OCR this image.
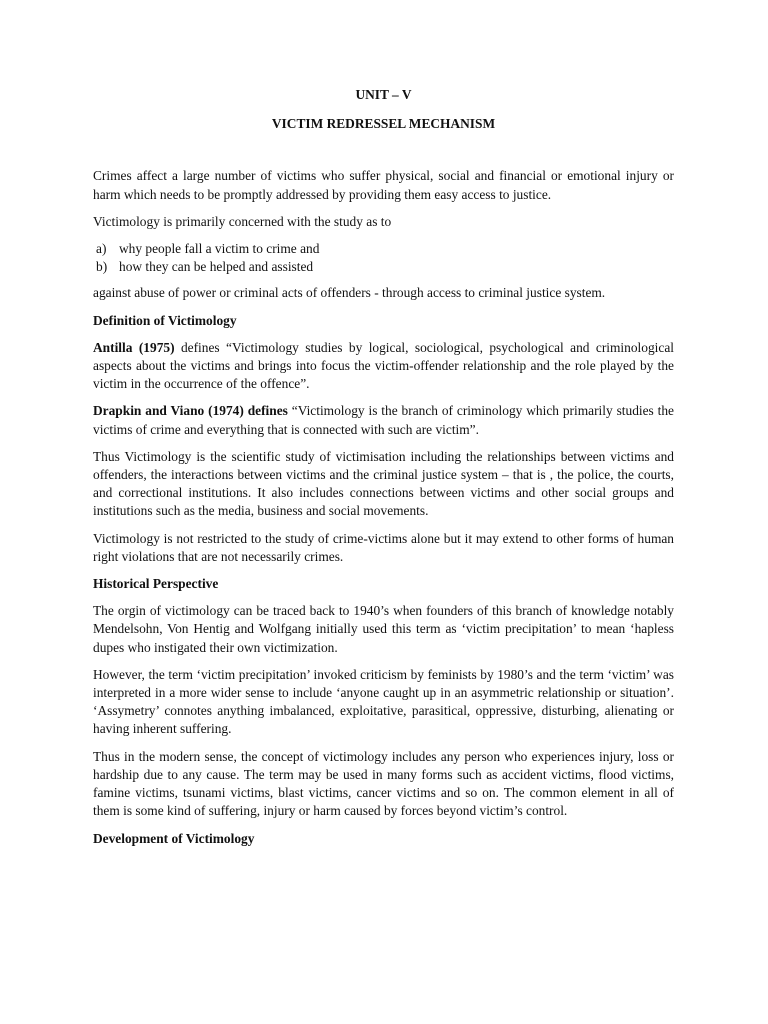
UNIT – V
VICTIM REDRESSEL MECHANISM

Crimes affect a large number of victims who suffer physical, social and financial or emotional injury or harm which needs to be promptly addressed by providing them easy access to justice.

Victimology is primarily concerned with the study as to

a) why people fall a victim to crime and
b) how they can be helped and assisted

against abuse of power or criminal acts of offenders - through access to criminal justice system.

Definition of Victimology

Antilla (1975) defines “Victimology studies by logical, sociological, psychological and criminological aspects about the victims and brings into focus the victim-offender relationship and the role played by the victim in the occurrence of the offence”.

Drapkin and Viano (1974) defines “Victimology is the branch of criminology which primarily studies the victims of crime and everything that is connected with such are victim”.

Thus Victimology is the scientific study of victimisation including the relationships between victims and offenders, the interactions between victims and the criminal justice system – that is , the police, the courts, and correctional institutions. It also includes connections between victims and other social groups and institutions such as the media, business and social movements.

Victimology is not restricted to the study of crime-victims alone but it may extend to other forms of human right violations that are not necessarily crimes.

Historical Perspective

The orgin of victimology can be traced back to 1940’s when founders of this branch of knowledge notably Mendelsohn, Von Hentig and Wolfgang initially used this term as ‘victim precipitation’ to mean ‘hapless dupes who instigated their own victimization.

However, the term ‘victim precipitation’ invoked criticism by feminists by 1980’s and the term ‘victim’ was interpreted in a more wider sense to include ‘anyone caught up in an asymmetric relationship or situation’. ‘Assymetry’ connotes anything imbalanced, exploitative, parasitical, oppressive, disturbing, alienating or having inherent suffering.

Thus in the modern sense, the concept of victimology includes any person who experiences injury, loss or hardship due to any cause. The term may be used in many forms such as accident victims, flood victims, famine victims, tsunami victims, blast victims, cancer victims and so on. The common element in all of them is some kind of suffering, injury or harm caused by forces beyond victim’s control.

Development of Victimology
